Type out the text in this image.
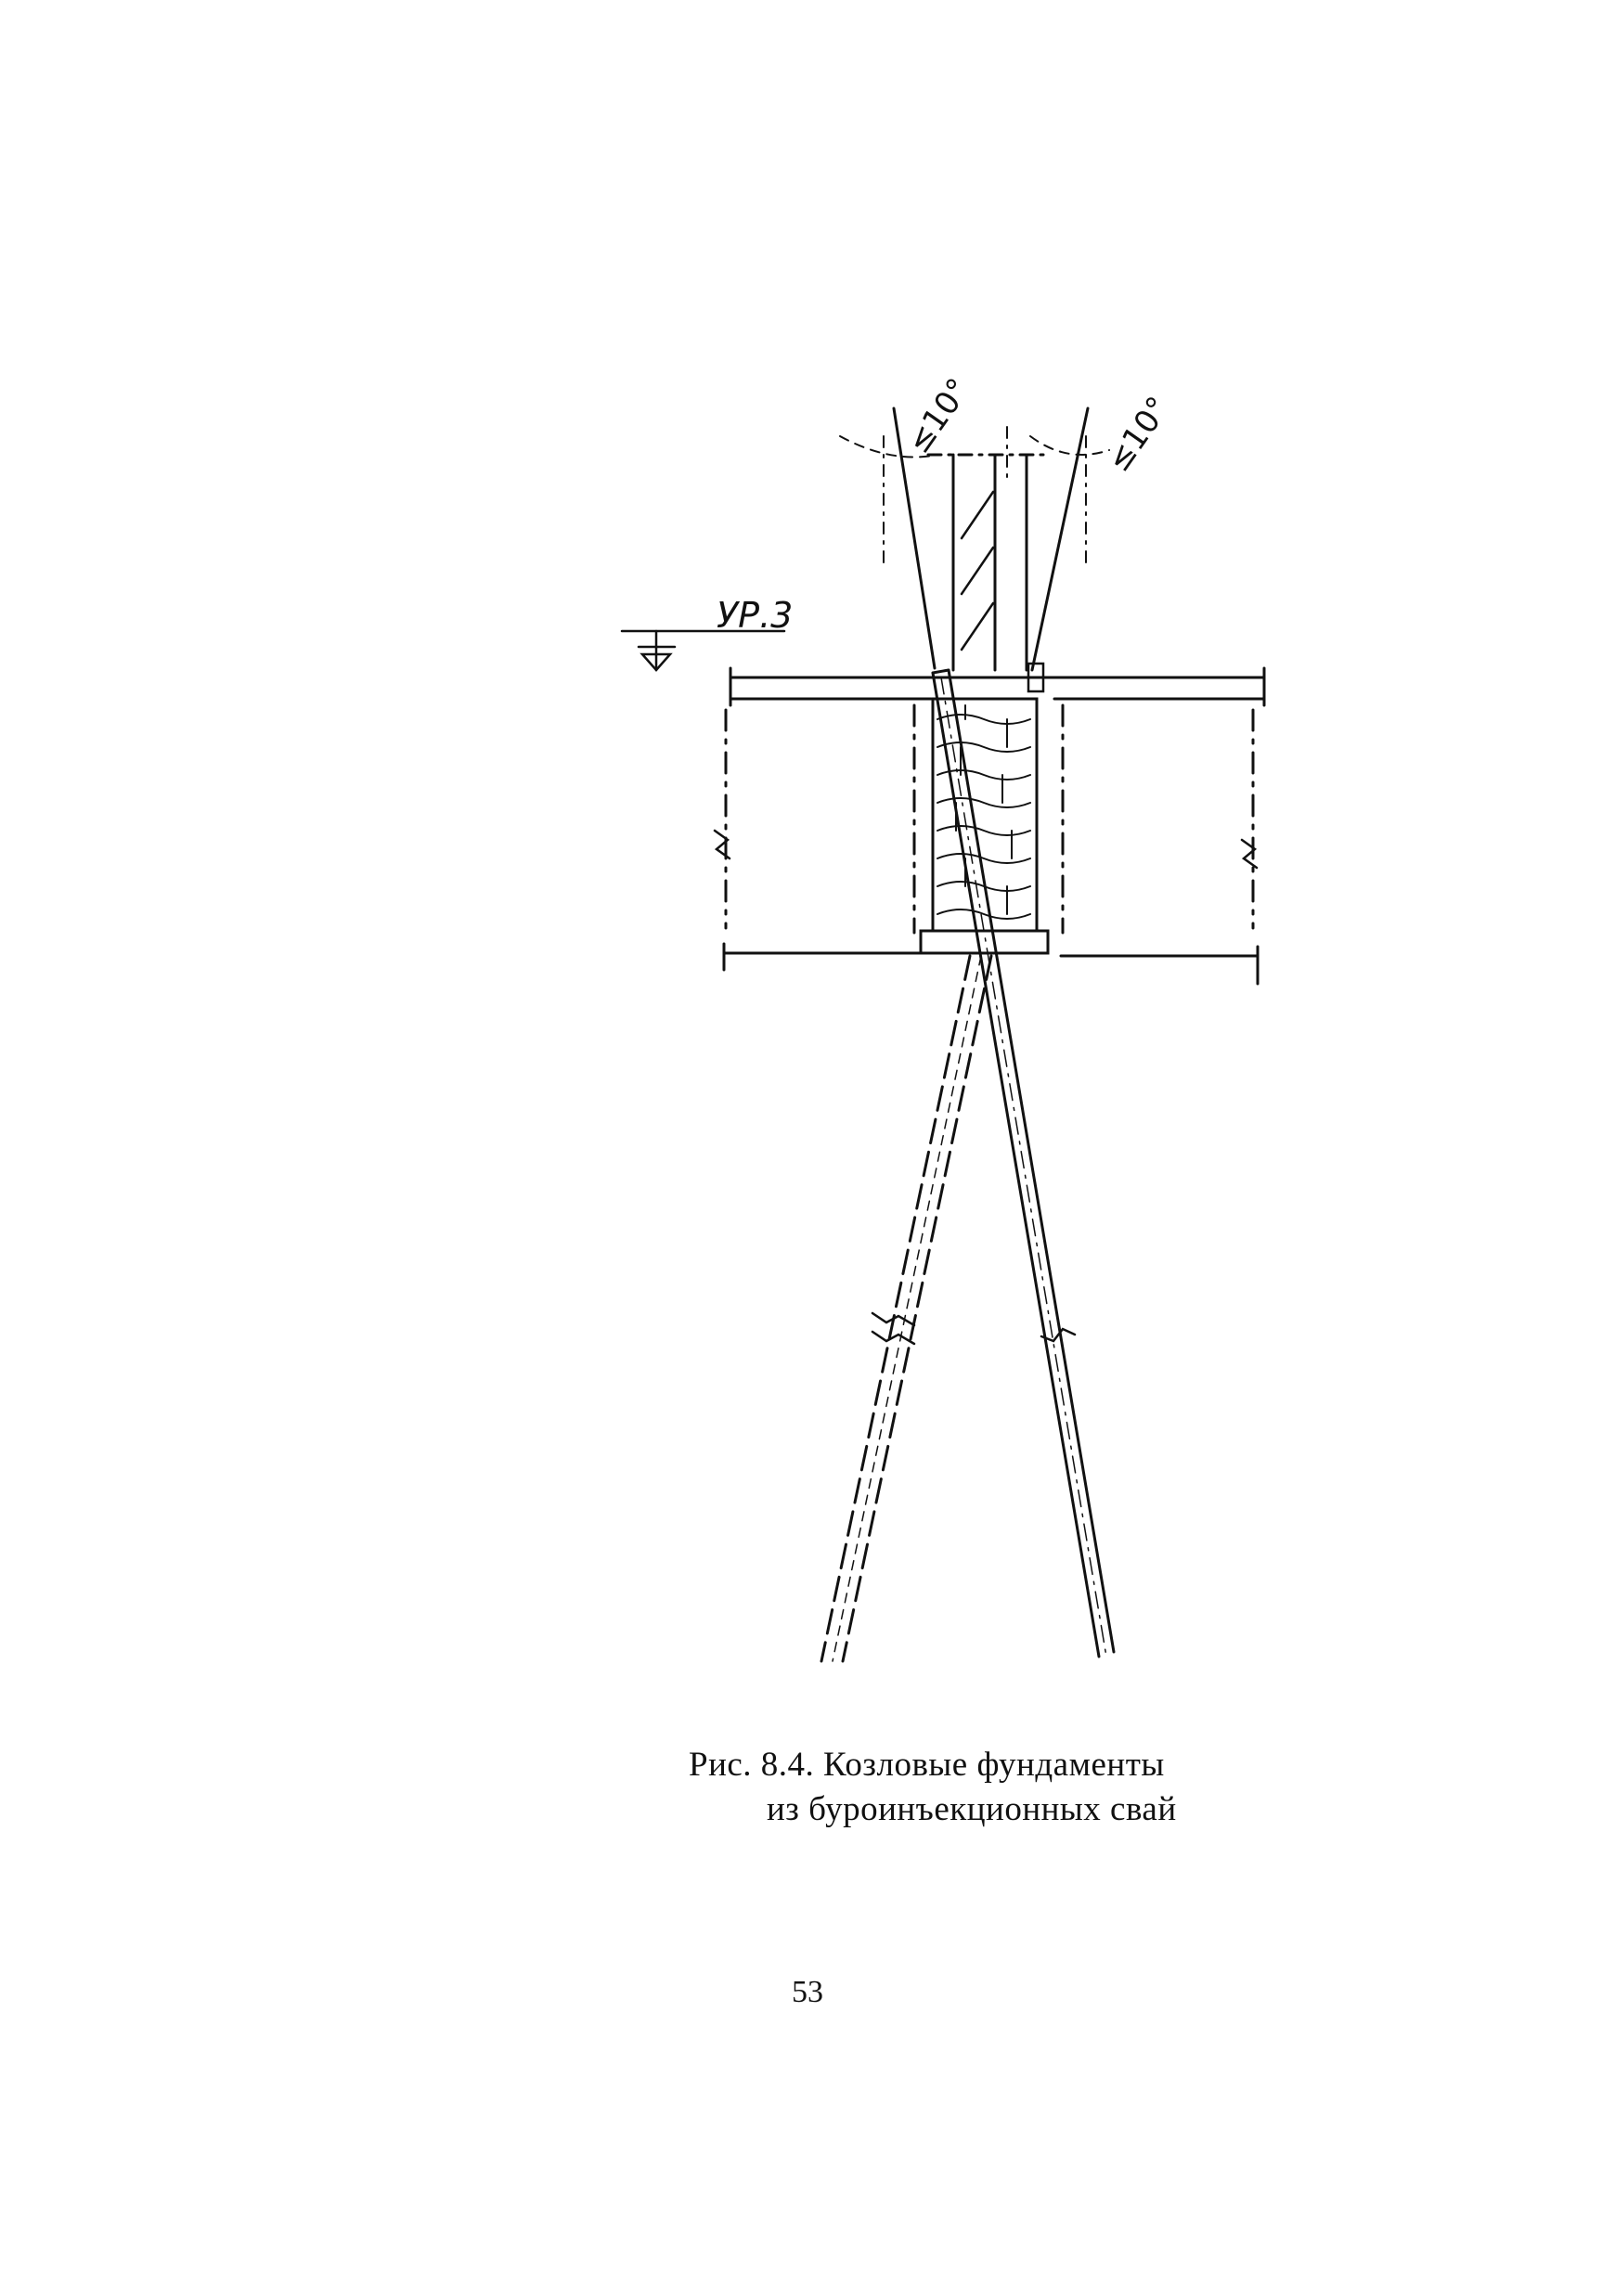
УР.3
≤10°	≤10°
Рис. 8.4. Козловые фундаменты
из буроинъекционных свай
53
